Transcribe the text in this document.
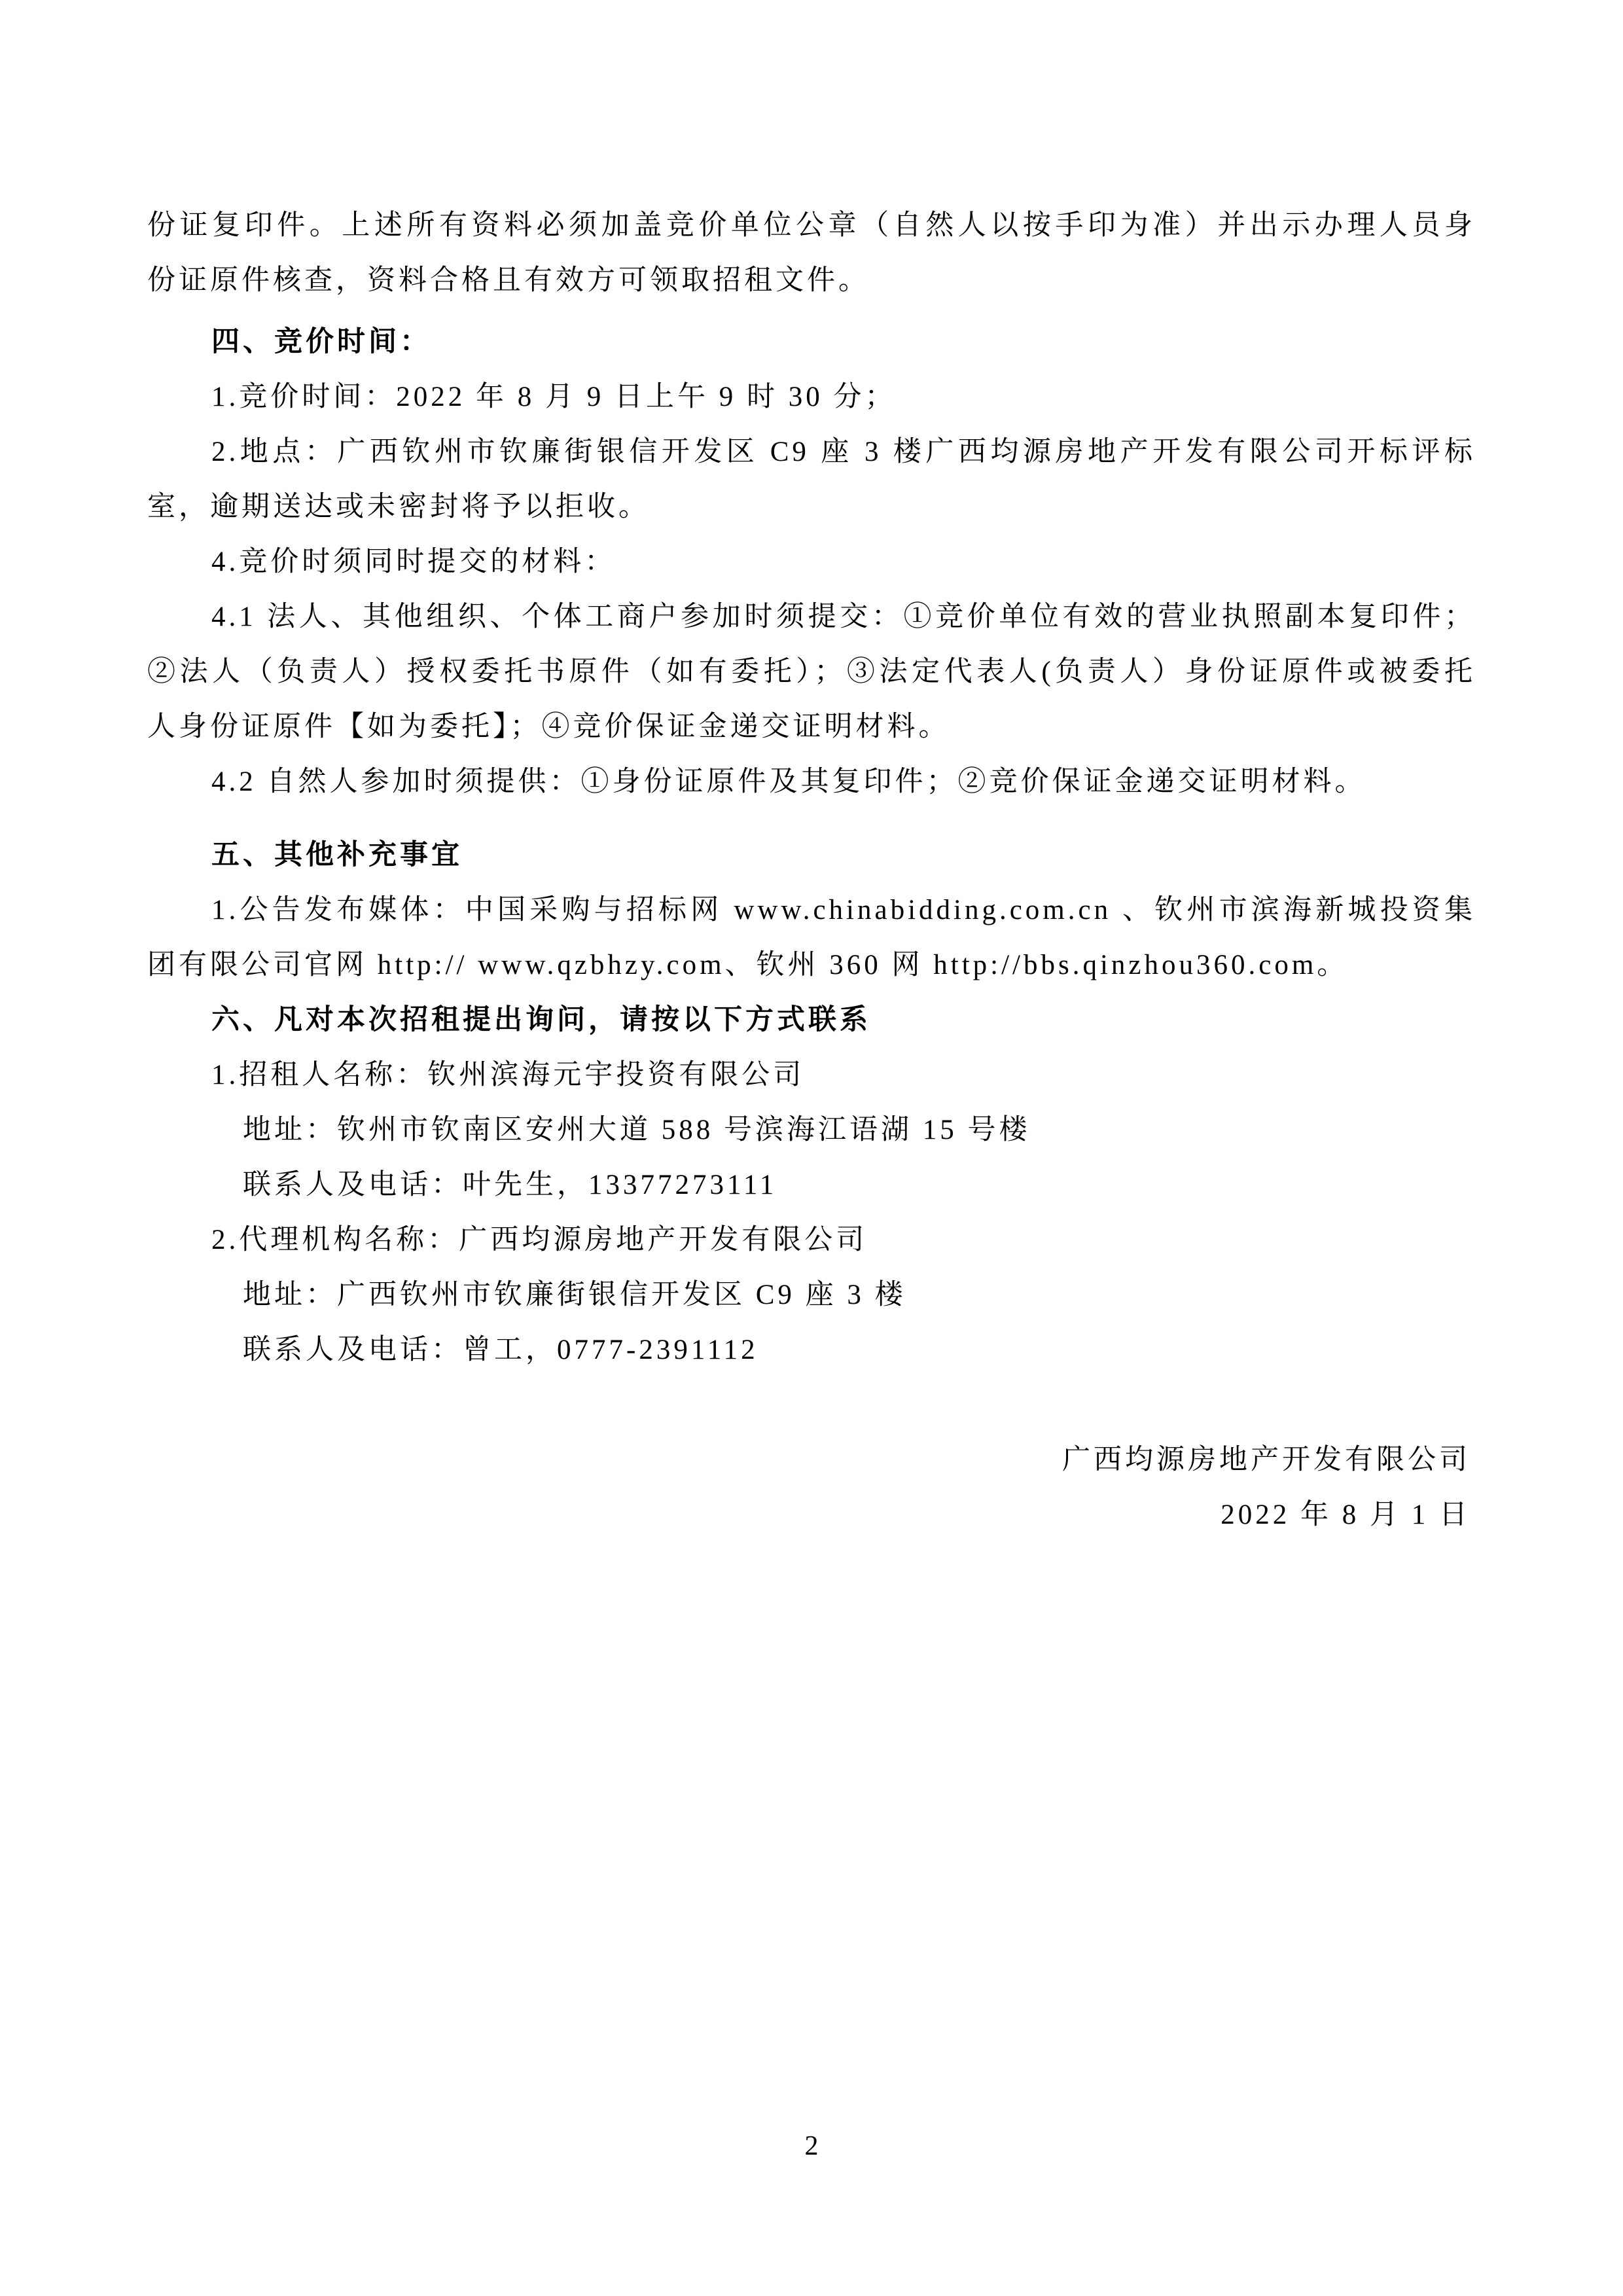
份证复印件。上述所有资料必须加盖竞价单位公章（自然人以按手印为准）并出示办理人员身
份证原件核查，资料合格且有效方可领取招租文件。
四、竞价时间：
1.竞价时间：2022 年 8 月 9 日上午 9 时 30 分；
2.地点：广西钦州市钦廉街银信开发区 C9 座 3 楼广西均源房地产开发有限公司开标评标
室，逾期送达或未密封将予以拒收。
4.竞价时须同时提交的材料：
4.1 法人、其他组织、个体工商户参加时须提交：①竞价单位有效的营业执照副本复印件；
②法人（负责人）授权委托书原件（如有委托）；③法定代表人(负责人）身份证原件或被委托
人身份证原件【如为委托】；④竞价保证金递交证明材料。
4.2 自然人参加时须提供：①身份证原件及其复印件；②竞价保证金递交证明材料。
五、其他补充事宜
1.公告发布媒体：中国采购与招标网 www.chinabidding.com.cn 、钦州市滨海新城投资集
团有限公司官网 http:// www.qzbhzy.com、钦州 360 网 http://bbs.qinzhou360.com。
六、凡对本次招租提出询问，请按以下方式联系
1.招租人名称：钦州滨海元宇投资有限公司
地址：钦州市钦南区安州大道 588 号滨海江语湖 15 号楼
联系人及电话：叶先生，13377273111
2.代理机构名称：广西均源房地产开发有限公司
地址：广西钦州市钦廉街银信开发区 C9 座 3 楼
联系人及电话：曾工，0777-2391112
广西均源房地产开发有限公司
2022 年 8 月 1 日
2
